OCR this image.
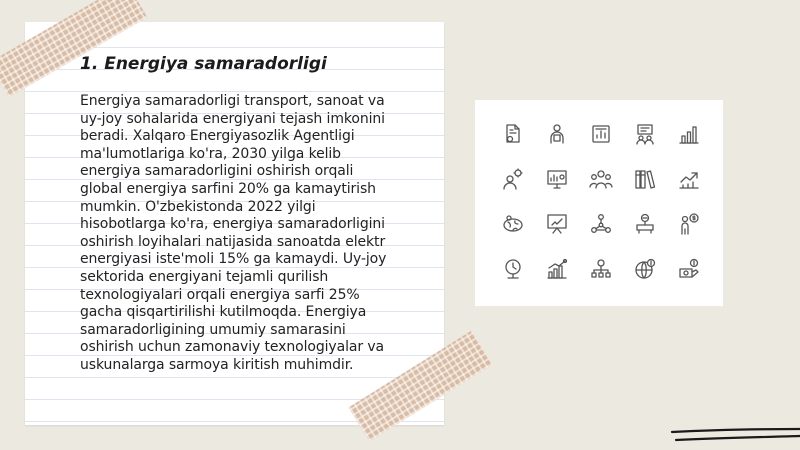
1. Energiya samaradorligi
Energiya samaradorligi transport, sanoat va
uy-joy sohalarida energiyani tejash imkonini
beradi. Xalqaro Energiyasozlik Agentligi
ma'lumotlariga ko'ra, 2030 yilga kelib
energiya samaradorligini oshirish orqali
global energiya sarfini 20% ga kamaytirish
mumkin. O'zbekistonda 2022 yilgi
hisobotlarga ko'ra, energiya samaradorligini
oshirish loyihalari natijasida sanoatda elektr
energiyasi iste'moli 15% ga kamaydi. Uy-joy
sektorida energiyani tejamli qurilish
texnologiyalari orqali energiya sarfi 25%
gacha qisqartirilishi kutilmoqda. Energiya
samaradorligining umumiy samarasini
oshirish uchun zamonaviy texnologiyalar va
uskunalarga sarmoya kiritish muhimdir.
